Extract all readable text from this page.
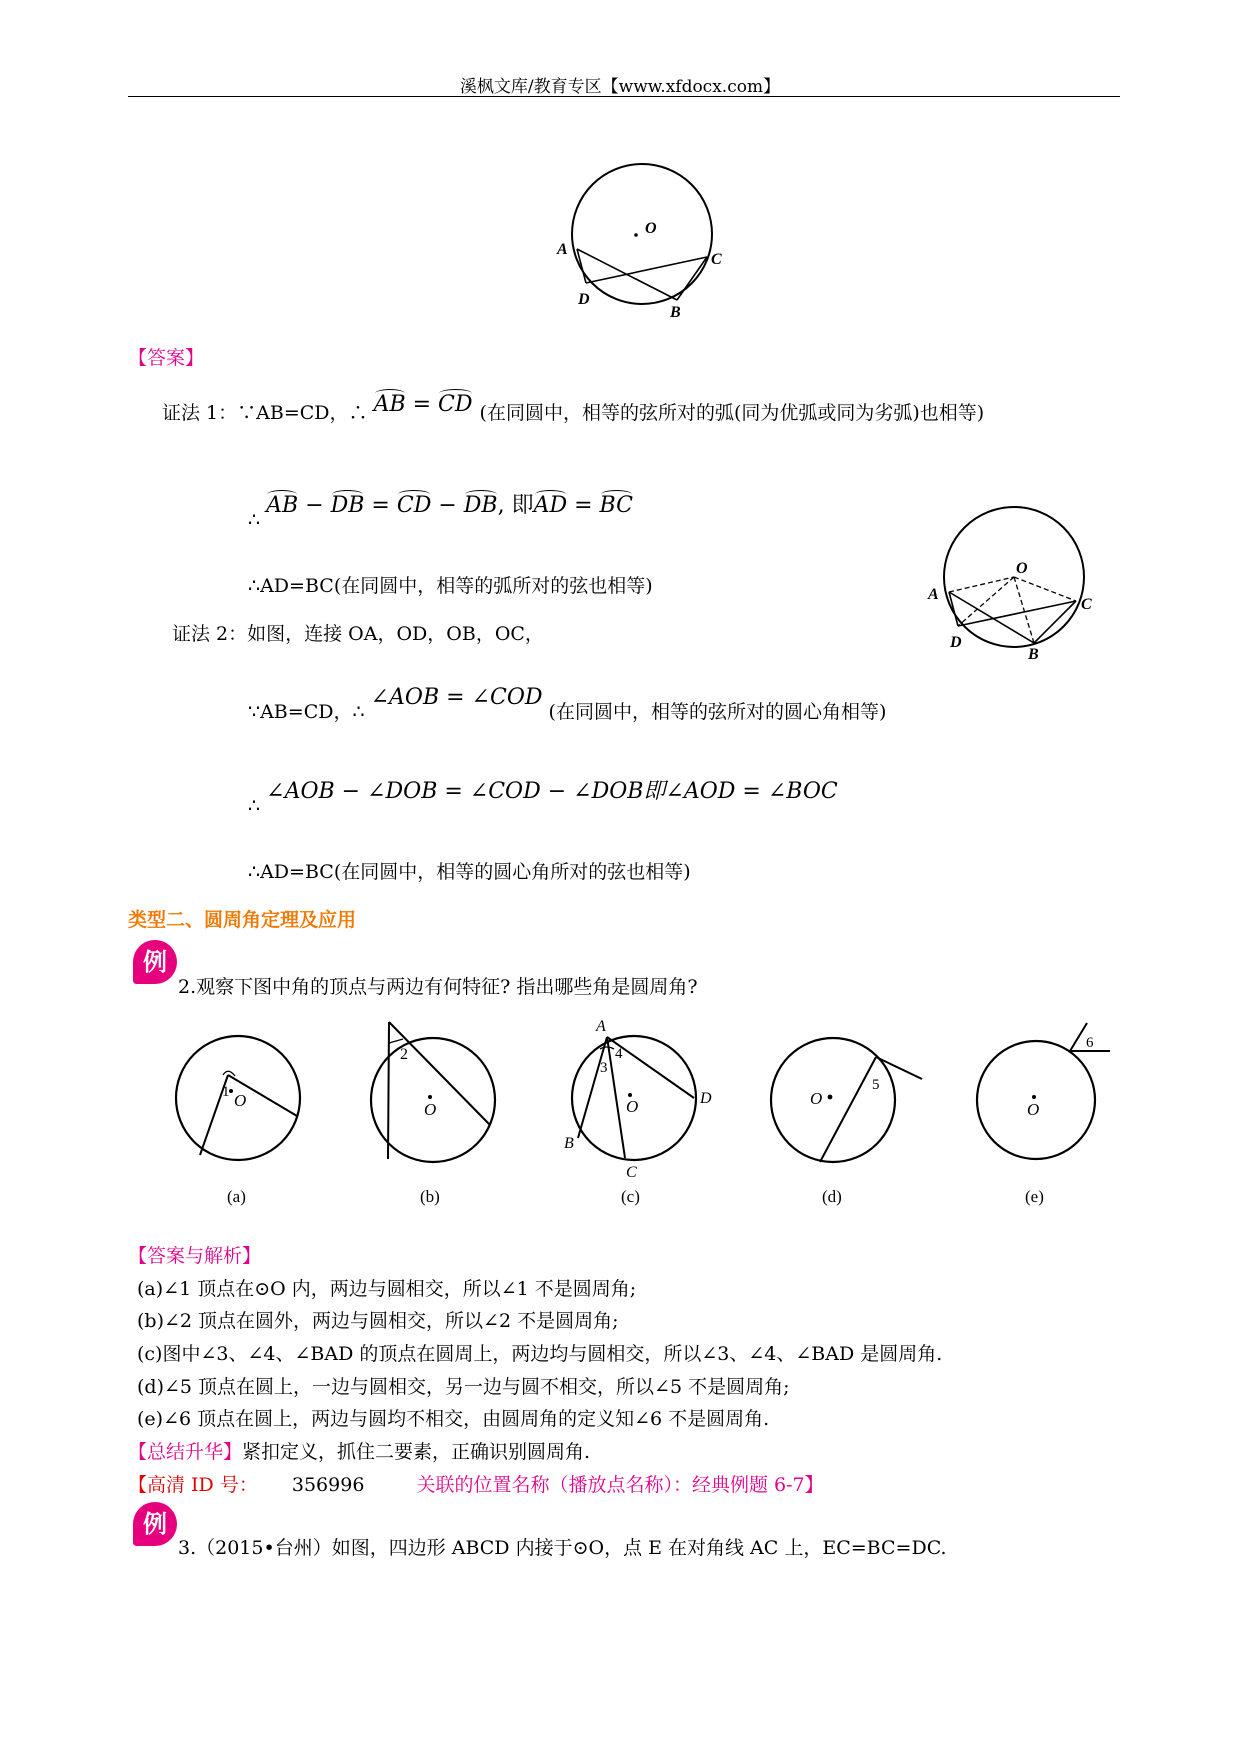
溪枫文库/教育专区【www.xfdocx.com】
O
A
C
D
B
【答案】
证法 1：∵AB=CD，∴ AB = CD (在同圆中，相等的弦所对的弧(同为优弧或同为劣弧)也相等)
∴ AB − DB = CD − DB, 即AD = BC
∴AD=BC(在同圆中，相等的弧所对的弦也相等)
O
A
C
D
B
证法 2：如图，连接 OA，OD，OB，OC，
∵AB=CD，∴ ∠AOB = ∠COD (在同圆中，相等的弦所对的圆心角相等)
∴ ∠AOB − ∠DOB = ∠COD − ∠DOB即∠AOD = ∠BOC
∴AD=BC(在同圆中，相等的圆心角所对的弦也相等)
类型二、圆周角定理及应用
例
2.观察下图中角的顶点与两边有何特征? 指出哪些角是圆周角?
1 O
(a)
2
O
(b)
A
3
4
O	D
B
C
(c)
O
5
(d)
6
O
(e)
【答案与解析】
(a)∠1 顶点在⊙O 内，两边与圆相交，所以∠1 不是圆周角;
(b)∠2 顶点在圆外，两边与圆相交，所以∠2 不是圆周角;
(c)图中∠3、∠4、∠BAD 的顶点在圆周上，两边均与圆相交，所以∠3、∠4、∠BAD 是圆周角.
(d)∠5 顶点在圆上，一边与圆相交，另一边与圆不相交，所以∠5 不是圆周角;
(e)∠6 顶点在圆上，两边与圆均不相交，由圆周角的定义知∠6 不是圆周角.
【总结升华】紧扣定义，抓住二要素，正确识别圆周角.
【高清 ID 号： 356996	关联的位置名称（播放点名称）：经典例题 6-7】
例
3.（2015•台州）如图，四边形 ABCD 内接于⊙O，点 E 在对角线 AC 上，EC=BC=DC.
